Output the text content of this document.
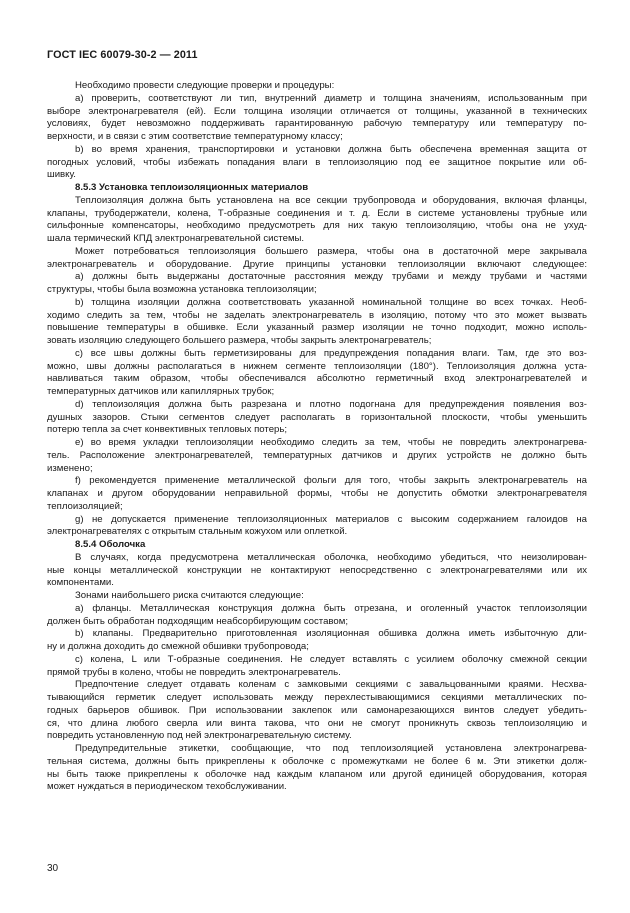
ГОСТ IEC 60079-30-2 — 2011
Необходимо провести следующие проверки и процедуры:
a) проверить, соответствуют ли тип, внутренний диаметр и толщина значениям, использованным при
выборе электронагревателя (ей). Если толщина изоляции отличается от толщины, указанной в технических
условиях, будет невозможно поддерживать гарантированную рабочую температуру или температуру по-
верхности, и в связи с этим соответствие температурному классу;
b) во время хранения, транспортировки и установки должна быть обеспечена временная защита от
погодных условий, чтобы избежать попадания влаги в теплоизоляцию под ее защитное покрытие или об-
шивку.
8.5.3 Установка теплоизоляционных материалов
Теплоизоляция должна быть установлена на все секции трубопровода и оборудования, включая фланцы,
клапаны, трубодержатели, колена, Т-образные соединения и т. д. Если в системе установлены трубные или
сильфонные компенсаторы, необходимо предусмотреть для них такую теплоизоляцию, чтобы она не ухуд-
шала термический КПД электронагревательной системы.
Может потребоваться теплоизоляция большего размера, чтобы она в достаточной мере закрывала
электронагреватель и оборудование. Другие принципы установки теплоизоляции включают следующее:
a) должны быть выдержаны достаточные расстояния между трубами и между трубами и частями
структуры, чтобы была возможна установка теплоизоляции;
b) толщина изоляции должна соответствовать указанной номинальной толщине во всех точках. Необ-
ходимо следить за тем, чтобы не заделать электронагреватель в изоляцию, потому что это может вызвать
повышение температуры в обшивке. Если указанный размер изоляции не точно подходит, можно исполь-
зовать изоляцию следующего большего размера, чтобы закрыть электронагреватель;
c) все швы должны быть герметизированы для предупреждения попадания влаги. Там, где это воз-
можно, швы должны располагаться в нижнем сегменте теплоизоляции (180°). Теплоизоляция должна уста-
навливаться таким образом, чтобы обеспечивался абсолютно герметичный вход электронагревателей и
температурных датчиков или капиллярных трубок;
d) теплоизоляция должна быть разрезана и плотно подогнана для предупреждения появления воз-
душных зазоров. Стыки сегментов следует располагать в горизонтальной плоскости, чтобы уменьшить
потерю тепла за счет конвективных тепловых потерь;
e) во время укладки теплоизоляции необходимо следить за тем, чтобы не повредить электронагрева-
тель. Расположение электронагревателей, температурных датчиков и других устройств не должно быть
изменено;
f) рекомендуется применение металлической фольги для того, чтобы закрыть электронагреватель на
клапанах и другом оборудовании неправильной формы, чтобы не допустить обмотки электронагревателя
теплоизоляцией;
g) не допускается применение теплоизоляционных материалов с высоким содержанием галоидов на
электронагревателях с открытым стальным кожухом или оплеткой.
8.5.4 Оболочка
В случаях, когда предусмотрена металлическая оболочка, необходимо убедиться, что неизолирован-
ные концы металлической конструкции не контактируют непосредственно с электронагревателями или их
компонентами.
Зонами наибольшего риска считаются следующие:
a) фланцы. Металлическая конструкция должна быть отрезана, и оголенный участок теплоизоляции
должен быть обработан подходящим неабсорбирующим составом;
b) клапаны. Предварительно приготовленная изоляционная обшивка должна иметь избыточную дли-
ну и должна доходить до смежной обшивки трубопровода;
c) колена, L или Т-образные соединения. Не следует вставлять с усилием оболочку смежной секции
прямой трубы в колено, чтобы не повредить электронагреватель.
Предпочтение следует отдавать коленам с замковыми секциями с завальцованными краями. Несхва-
тывающийся герметик следует использовать между перехлестывающимися секциями металлических по-
годных барьеров обшивок. При использовании заклепок или самонарезающихся винтов следует убедить-
ся, что длина любого сверла или винта такова, что они не смогут проникнуть сквозь теплоизоляцию и
повредить установленную под ней электронагревательную систему.
Предупредительные этикетки, сообщающие, что под теплоизоляцией установлена электронагрева-
тельная система, должны быть прикреплены к оболочке с промежутками не более 6 м. Эти этикетки долж-
ны быть также прикреплены к оболочке над каждым клапаном или другой единицей оборудования, которая
может нуждаться в периодическом техобслуживании.
30
